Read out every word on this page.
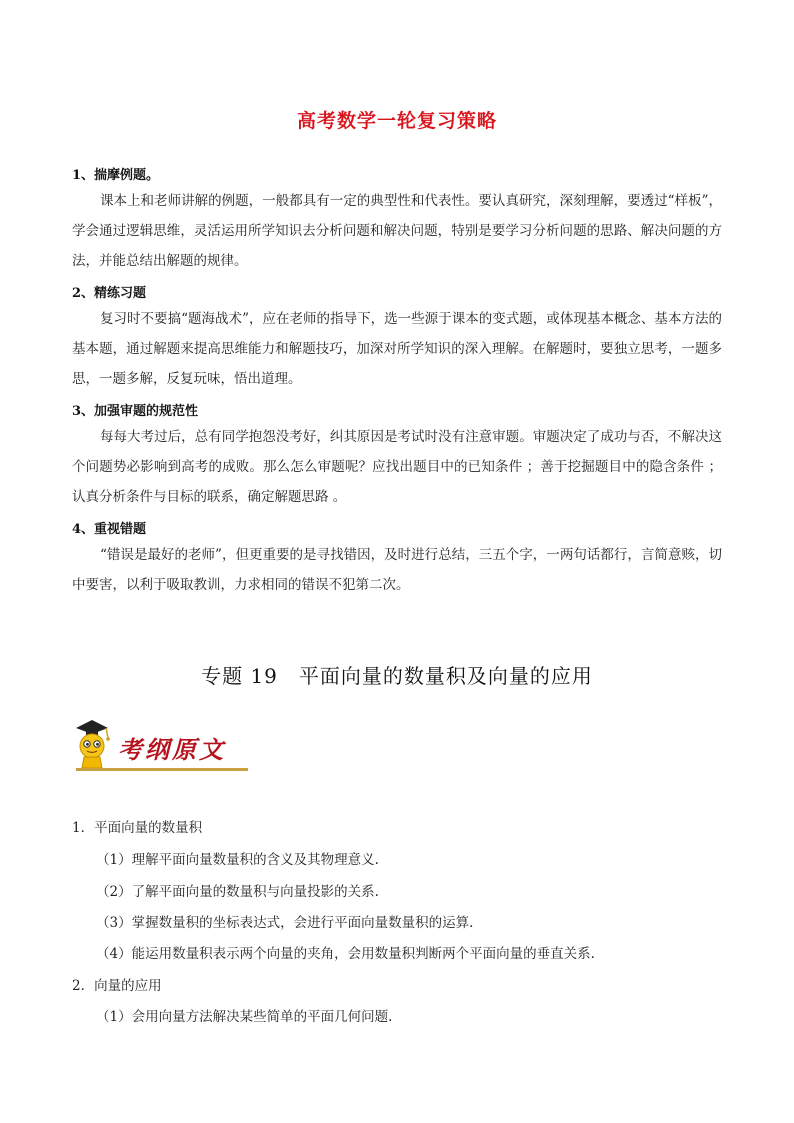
高考数学一轮复习策略
1、揣摩例题。
课本上和老师讲解的例题，一般都具有一定的典型性和代表性。要认真研究，深刻理解，要透过“样板”，学会通过逻辑思维，灵活运用所学知识去分析问题和解决问题，特别是要学习分析问题的思路、解决问题的方法，并能总结出解题的规律。
2、精练习题
复习时不要搞“题海战术”，应在老师的指导下，选一些源于课本的变式题，或体现基本概念、基本方法的基本题，通过解题来提高思维能力和解题技巧，加深对所学知识的深入理解。在解题时，要独立思考，一题多思，一题多解，反复玩味，悟出道理。
3、加强审题的规范性
每每大考过后，总有同学抱怨没考好，纠其原因是考试时没有注意审题。审题决定了成功与否，不解决这个问题势必影响到高考的成败。那么怎么审题呢？应找出题目中的已知条件 ；善于挖掘题目中的隐含条件 ；认真分析条件与目标的联系，确定解题思路 。
4、重视错题
“错误是最好的老师”，但更重要的是寻找错因，及时进行总结，三五个字，一两句话都行，言简意赅，切中要害，以利于吸取教训，力求相同的错误不犯第二次。
专题 19　平面向量的数量积及向量的应用
考纲原文
1．平面向量的数量积
（1）理解平面向量数量积的含义及其物理意义.
（2）了解平面向量的数量积与向量投影的关系.
（3）掌握数量积的坐标表达式，会进行平面向量数量积的运算.
（4）能运用数量积表示两个向量的夹角，会用数量积判断两个平面向量的垂直关系.
2．向量的应用
（1）会用向量方法解决某些简单的平面几何问题.
